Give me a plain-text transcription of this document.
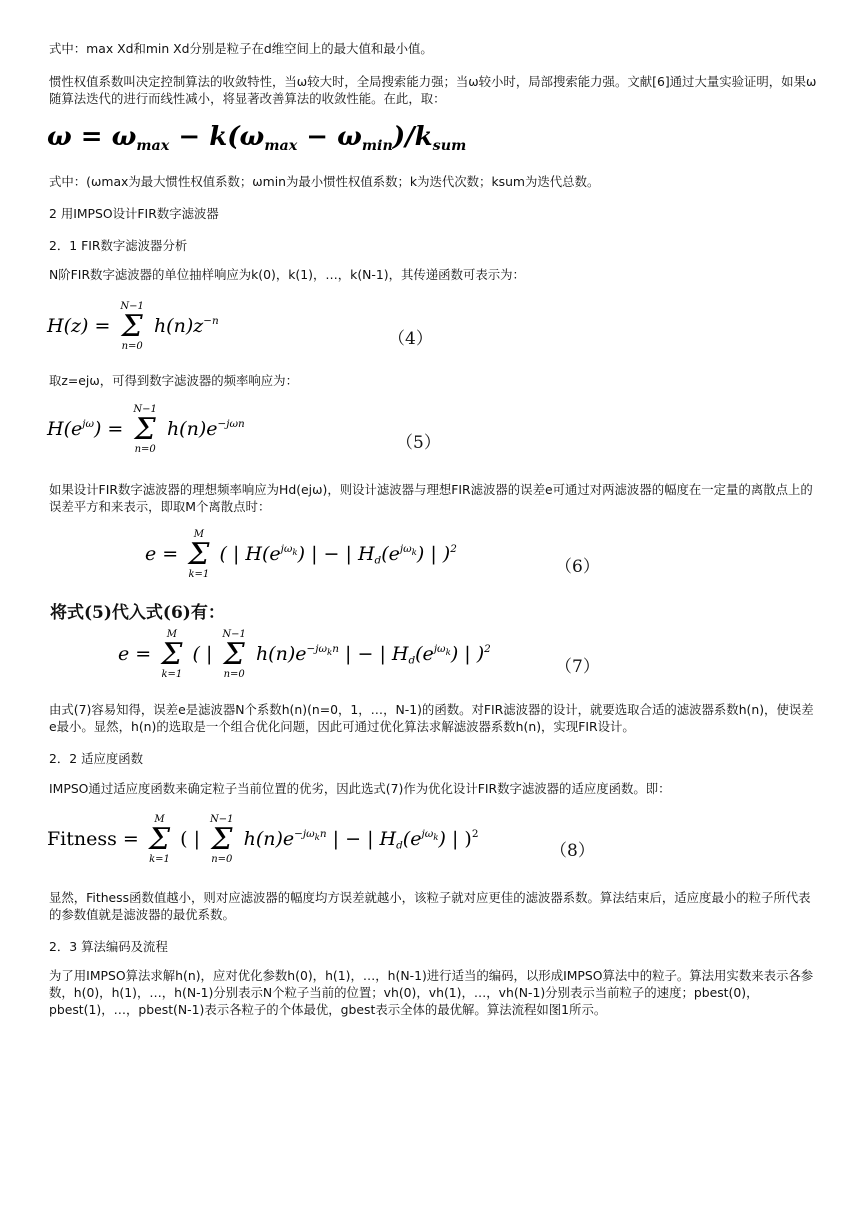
式中：max Xd和min Xd分别是粒子在d维空间上的最大值和最小值。

惯性权值系数叫决定控制算法的收敛特性，当ω较大时，全局搜索能力强；当ω较小时，局部搜索能力强。文献[6]通过大量实验证明，如果ω随算法迭代的进行而线性减小，将显著改善算法的收敛性能。在此，取：

$\omega = \omega_{max} - k(\omega_{max} - \omega_{min})/k_{sum}$

式中：(ωmax为最大惯性权值系数；ωmin为最小惯性权值系数；k为迭代次数；ksum为迭代总数。

2 用IMPSO设计FIR数字滤波器

2．1 FIR数字滤波器分析

N阶FIR数字滤波器的单位抽样响应为k(0)，k(1)，…，k(N-1)，其传递函数可表示为：

H(z) =
N−1
Σ
n=0
$h(n)z^{-n}$
（4）

取z=ejω，可得到数字滤波器的频率响应为：

$H(e^{j\omega})$ =
N−1
Σ
n=0
$h(n)e^{-j\omega n}$
（5）

如果设计FIR数字滤波器的理想频率响应为Hd(ejω)，则设计滤波器与理想FIR滤波器的误差e可通过对两滤波器的幅度在一定量的离散点上的误差平方和来表示，即取M个离散点时：

e =
M
Σ
k=1
( | $H(e^{j\omega_k})$ | − | $H_d(e^{j\omega_k})$ | )$^2$
（6）
将式(5)代入式(6)有：
e =
M
Σ
k=1
( |
N−1
Σ
n=0
$h(n)e^{-j\omega_kn}$ | − | $H_d(e^{j\omega_k})$ | )$^2$
（7）

由式(7)容易知得，误差e是滤波器N个系数h(n)(n=0，1，…，N-1)的函数。对FIR滤波器的设计，就要选取合适的滤波器系数h(n)，使误差e最小。显然，h(n)的选取是一个组合优化问题，因此可通过优化算法求解滤波器系数h(n)，实现FIR设计。

2．2 适应度函数

IMPSO通过适应度函数来确定粒子当前位置的优劣，因此选式(7)作为优化设计FIR数字滤波器的适应度函数。即：

Fitness =
M
Σ
k=1
( |
N−1
Σ
n=0
$h(n)e^{-j\omega_kn}$ | − | $H_d(e^{j\omega_k})$ | )$^2$
（8）

显然，Fithess函数值越小，则对应滤波器的幅度均方误差就越小，该粒子就对应更佳的滤波器系数。算法结束后，适应度最小的粒子所代表的参数值就是滤波器的最优系数。

2．3 算法编码及流程

为了用IMPSO算法求解h(n)，应对优化参数h(0)，h(1)，…，h(N-1)进行适当的编码，以形成IMPSO算法中的粒子。算法用实数来表示各参数，h(0)，h(1)，…，h(N-1)分别表示N个粒子当前的位置；vh(0)，vh(1)，…，vh(N-1)分别表示当前粒子的速度；pbest(0)，pbest(1)，…，pbest(N-1)表示各粒子的个体最优，gbest表示全体的最优解。算法流程如图1所示。
